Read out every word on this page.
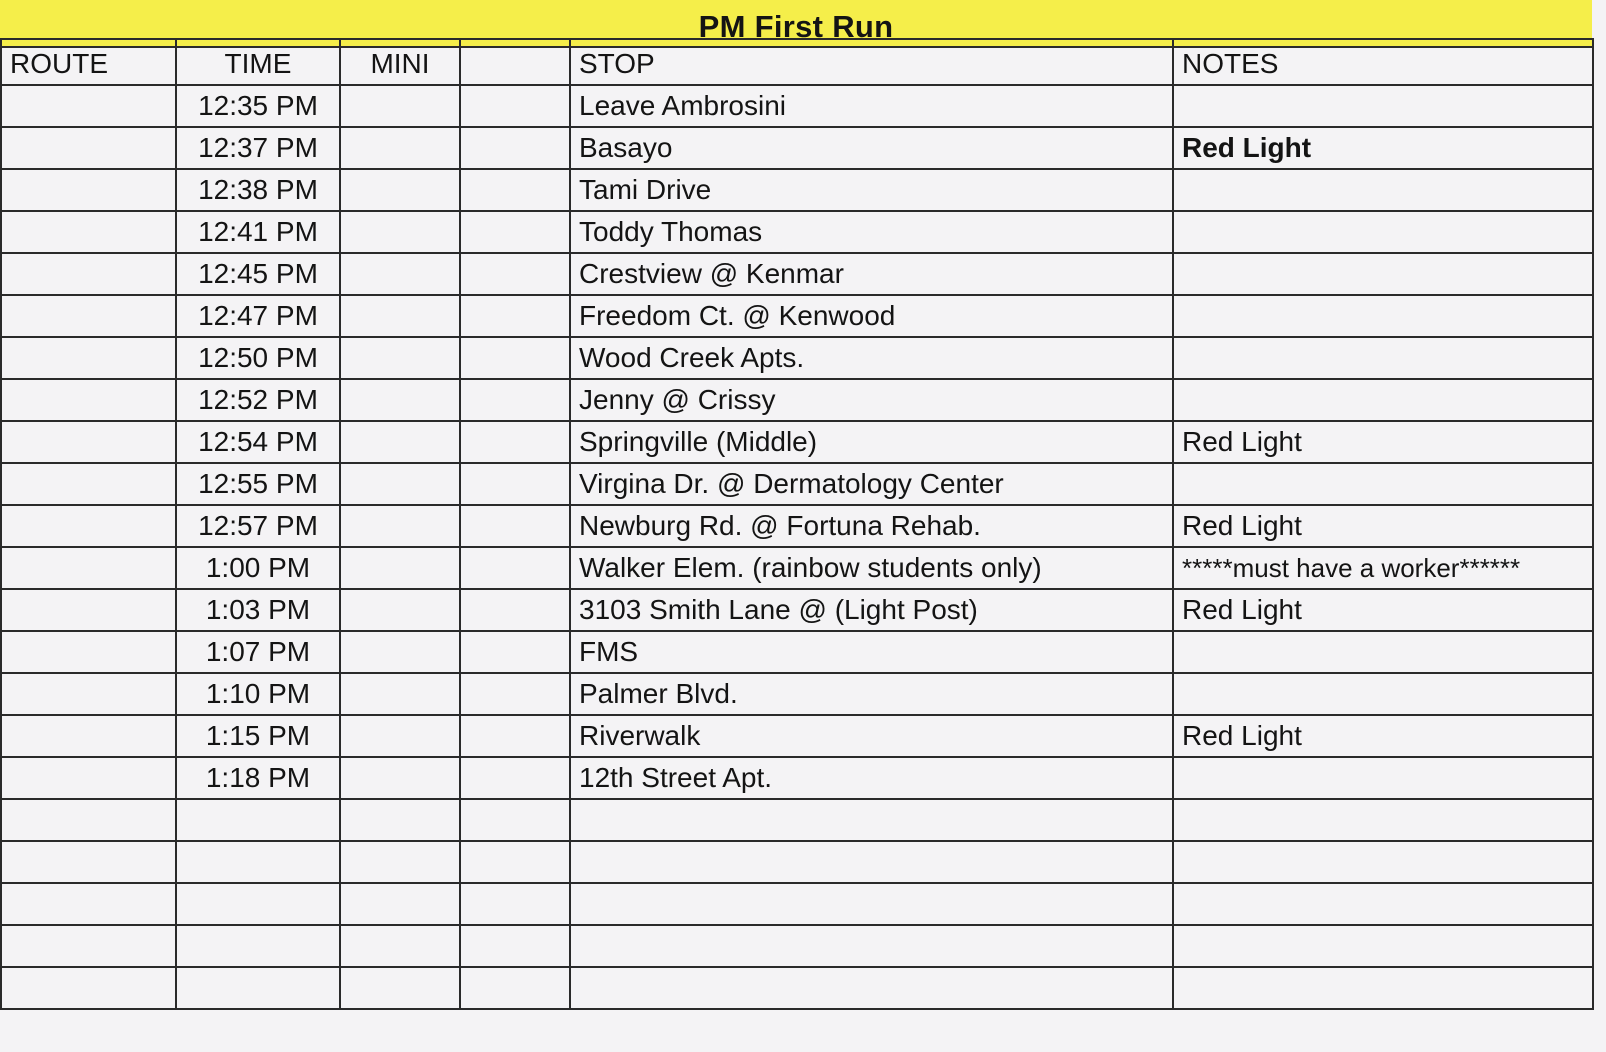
PM First Run
ROUTE	TIME	MINI		STOP	NOTES
	12:35 PM			Leave Ambrosini	
	12:37 PM			Basayo	Red Light
	12:38 PM			Tami Drive	
	12:41 PM			Toddy Thomas	
	12:45 PM			Crestview @ Kenmar	
	12:47 PM			Freedom Ct. @ Kenwood	
	12:50 PM			Wood Creek Apts.	
	12:52 PM			Jenny @ Crissy	
	12:54 PM			Springville (Middle)	Red Light
	12:55 PM			Virgina Dr. @ Dermatology Center	
	12:57 PM			Newburg Rd. @ Fortuna Rehab.	Red Light
	1:00 PM			Walker Elem. (rainbow students only)	*****must have a worker******
	1:03 PM			3103 Smith Lane @ (Light Post)	Red Light
	1:07 PM			FMS	
	1:10 PM			Palmer Blvd.	
	1:15 PM			Riverwalk	Red Light
	1:18 PM			12th Street Apt.	
